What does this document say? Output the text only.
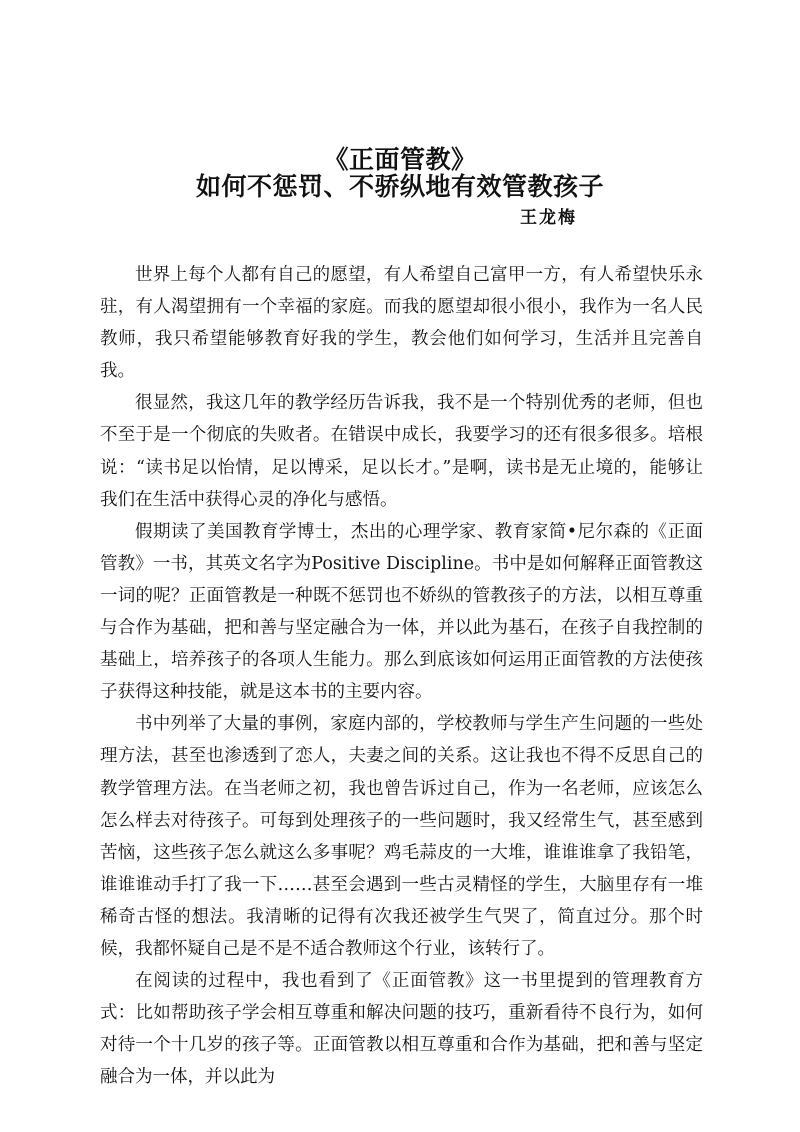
《正面管教》
如何不惩罚、不骄纵地有效管教孩子
王龙梅

世界上每个人都有自己的愿望，有人希望自己富甲一方，有人希望快乐永驻，有人渴望拥有一个幸福的家庭。而我的愿望却很小很小，我作为一名人民教师，我只希望能够教育好我的学生，教会他们如何学习，生活并且完善自我。

很显然，我这几年的教学经历告诉我，我不是一个特别优秀的老师，但也不至于是一个彻底的失败者。在错误中成长，我要学习的还有很多很多。培根说：“读书足以怡情，足以博采，足以长才。”是啊，读书是无止境的，能够让我们在生活中获得心灵的净化与感悟。

假期读了美国教育学博士，杰出的心理学家、教育家简•尼尔森的《正面管教》一书，其英文名字为Positive Discipline。书中是如何解释正面管教这一词的呢？正面管教是一种既不惩罚也不娇纵的管教孩子的方法，以相互尊重与合作为基础，把和善与坚定融合为一体，并以此为基石，在孩子自我控制的基础上，培养孩子的各项人生能力。那么到底该如何运用正面管教的方法使孩子获得这种技能，就是这本书的主要内容。

书中列举了大量的事例，家庭内部的，学校教师与学生产生问题的一些处理方法，甚至也渗透到了恋人，夫妻之间的关系。这让我也不得不反思自己的教学管理方法。在当老师之初，我也曾告诉过自己，作为一名老师，应该怎么怎么样去对待孩子。可每到处理孩子的一些问题时，我又经常生气，甚至感到苦恼，这些孩子怎么就这么多事呢？鸡毛蒜皮的一大堆，谁谁谁拿了我铅笔，谁谁谁动手打了我一下……甚至会遇到一些古灵精怪的学生，大脑里存有一堆稀奇古怪的想法。我清晰的记得有次我还被学生气哭了，简直过分。那个时候，我都怀疑自己是不是不适合教师这个行业，该转行了。

在阅读的过程中，我也看到了《正面管教》这一书里提到的管理教育方式：比如帮助孩子学会相互尊重和解决问题的技巧，重新看待不良行为，如何对待一个十几岁的孩子等。正面管教以相互尊重和合作为基础，把和善与坚定融合为一体，并以此为
